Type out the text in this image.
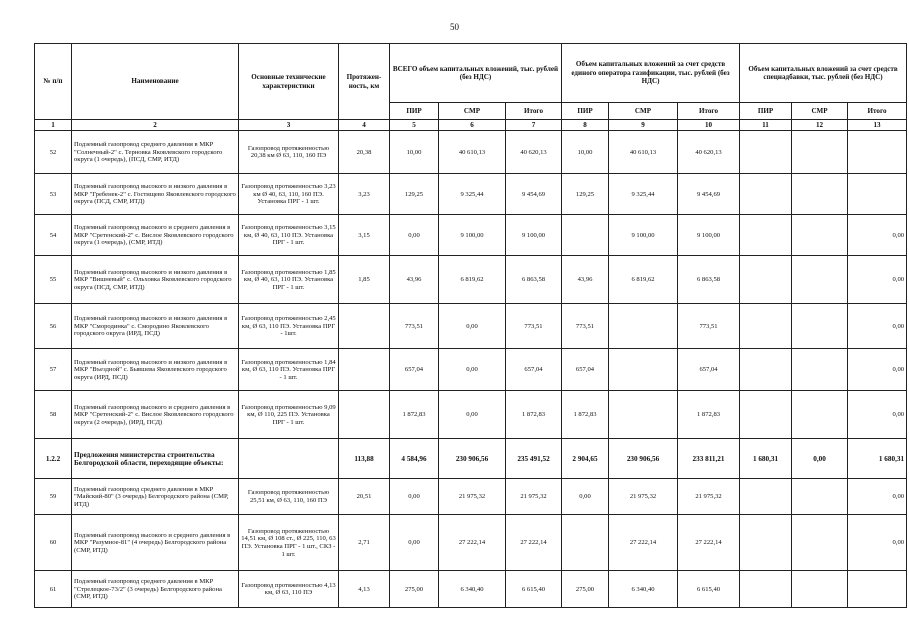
50
№ п/п	Наименование	Основные технические характеристики	Протяжен-ность, км	ВСЕГО объем капитальных вложений, тыс. рублей (без НДС)			Объем капитальных вложений за счет средств единого оператора газификации, тыс. рублей (без НДС)			Объем капитальных вложений за счет средств спецнадбавки, тыс. рублей (без НДС)		
				ПИР	СМР	Итого	ПИР	СМР	Итого	ПИР	СМР	Итого
1	2	3	4	5	6	7	8	9	10	11	12	13
52	Подземный газопровод среднего давления в МКР "Солнечный-2" с. Терновка Яковлевского городского округа (1 очередь), (ПСД, СМР, ИТД)	Газопровод протяженностью 20,38 км Ø 63, 110, 160 ПЭ	20,38	10,00	40 610,13	40 620,13	10,00	40 610,13	40 620,13			
53	Подземный газопровод высокого и низкого давления в МКР "Гребенек-2" с. Гостищево Яковлевского городского округа (ПСД, СМР, ИТД)	Газопровод протяженностью 3,23 км Ø 40, 63, 110, 160 ПЭ. Установка ПРГ - 1 шт.	3,23	129,25	9 325,44	9 454,69	129,25	9 325,44	9 454,69			
54	Подземный газопровод высокого и среднего давления в МКР "Сретенский-2" с. Вислое Яковлевского городского округа (1 очередь), (СМР, ИТД)	Газопровод протяженностью 3,15 км, Ø 40, 63, 110 ПЭ. Установка ПРГ - 1 шт.	3,15	0,00	9 100,00	9 100,00		9 100,00	9 100,00			0,00
55	Подземный газопровод высокого и низкого давления в МКР "Вишневый" с. Ольховка Яковлевского городского округа (ПСД, СМР, ИТД)	Газопровод протяженностью 1,85 км, Ø 40, 63, 110 ПЭ. Установка ПРГ - 1 шт.	1,85	43,96	6 819,62	6 863,58	43,96	6 819,62	6 863,58			0,00
56	Подземный газопровод высокого и низкого давления в МКР "Смородинка" с. Смородино Яковлевского городского округа (ИРД, ПСД)	Газопровод протяженностью 2,45 км, Ø 63, 110 ПЭ. Установка ПРГ - 1шт.		773,51	0,00	773,51	773,51		773,51			0,00
57	Подземный газопровод высокого и низкого давления в МКР "Въездной" с. Бывшева Яковлевского городского округа (ИРД, ПСД)	Газопровод протяженностью 1,84 км, Ø 63, 110 ПЭ. Установка ПРГ - 1 шт.		657,04	0,00	657,04	657,04		657,04			0,00
58	Подземный газопровод высокого и среднего давления в МКР "Сретенский-2" с. Вислое Яковлевского городского округа (2 очередь), (ИРД, ПСД)	Газопровод протяженностью 9,09 км, Ø 110, 225 ПЭ. Установка ПРГ - 1 шт.		1 872,83	0,00	1 872,83	1 872,83		1 872,83			0,00
1.2.2	Предложения министерства строительства Белгородской области, переходящие объекты:		113,88	4 584,96	230 906,56	235 491,52	2 904,65	230 906,56	233 811,21	1 680,31	0,00	1 680,31
59	Подземный газопровод среднего давления в МКР "Майский-80" (3 очередь) Белгородского района (СМР, ИТД)	Газопровод протяженностью 25,51 км, Ø 63, 110, 160 ПЭ	20,51	0,00	21 975,32	21 975,32	0,00	21 975,32	21 975,32			0,00
60	Подземный газопровод высокого и среднего давления в МКР "Разумное-81" (4 очередь) Белгородского района (СМР, ИТД)	Газопровод протяженностью 14,51 км, Ø 108 ст., Ø 225, 110, 63 ПЭ. Установка ПРГ - 1 шт., СКЗ - 1 шт.	2,71	0,00	27 222,14	27 222,14		27 222,14	27 222,14			0,00
61	Подземный газопровод среднего давления в МКР "Стрелецкое-73/2" (3 очередь) Белгородского района (СМР, ИТД)	Газопровод протяженностью 4,13 км, Ø 63, 110 ПЭ	4,13	275,00	6 340,40	6 615,40	275,00	6 340,40	6 615,40			
